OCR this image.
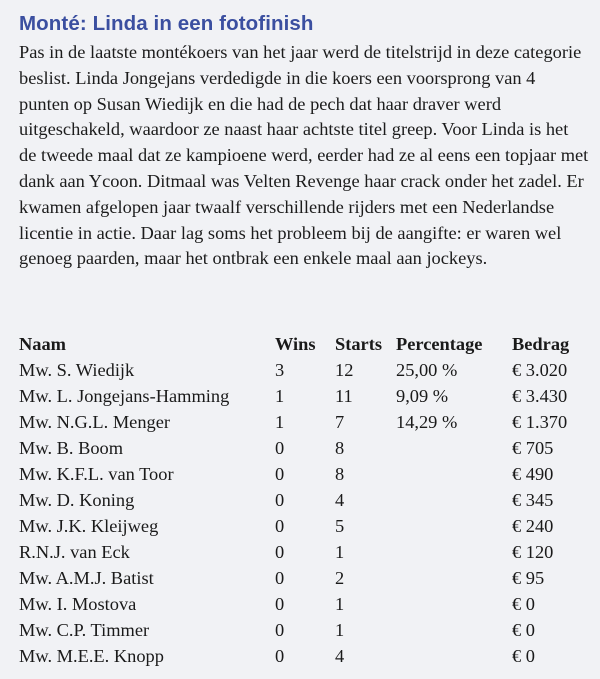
Monté: Linda in een fotofinish

Pas in de laatste montékoers van het jaar werd de titelstrijd in deze categorie beslist. Linda Jongejans verdedigde in die koers een voorsprong van 4 punten op Susan Wiedijk en die had de pech dat haar draver werd uitgeschakeld, waardoor ze naast haar achtste titel greep. Voor Linda is het de tweede maal dat ze kampioene werd, eerder had ze al eens een topjaar met dank aan Ycoon. Ditmaal was Velten Revenge haar crack onder het zadel. Er kwamen afgelopen jaar twaalf verschillende rijders met een Nederlandse licentie in actie. Daar lag soms het probleem bij de aangifte: er waren wel genoeg paarden, maar het ontbrak een enkele maal aan jockeys.

Naam	Wins	Starts	Percentage	Bedrag
Mw. S. Wiedijk	3	12	25,00 %	€ 3.020
Mw. L. Jongejans-Hamming	1	11	9,09 %	€ 3.430
Mw. N.G.L. Menger	1	7	14,29 %	€ 1.370
Mw. B. Boom	0	8		€ 705
Mw. K.F.L. van Toor	0	8		€ 490
Mw. D. Koning	0	4		€ 345
Mw. J.K. Kleijweg	0	5		€ 240
R.N.J. van Eck	0	1		€ 120
Mw. A.M.J. Batist	0	2		€ 95
Mw. I. Mostova	0	1		€ 0
Mw. C.P. Timmer	0	1		€ 0
Mw. M.E.E. Knopp	0	4		€ 0
